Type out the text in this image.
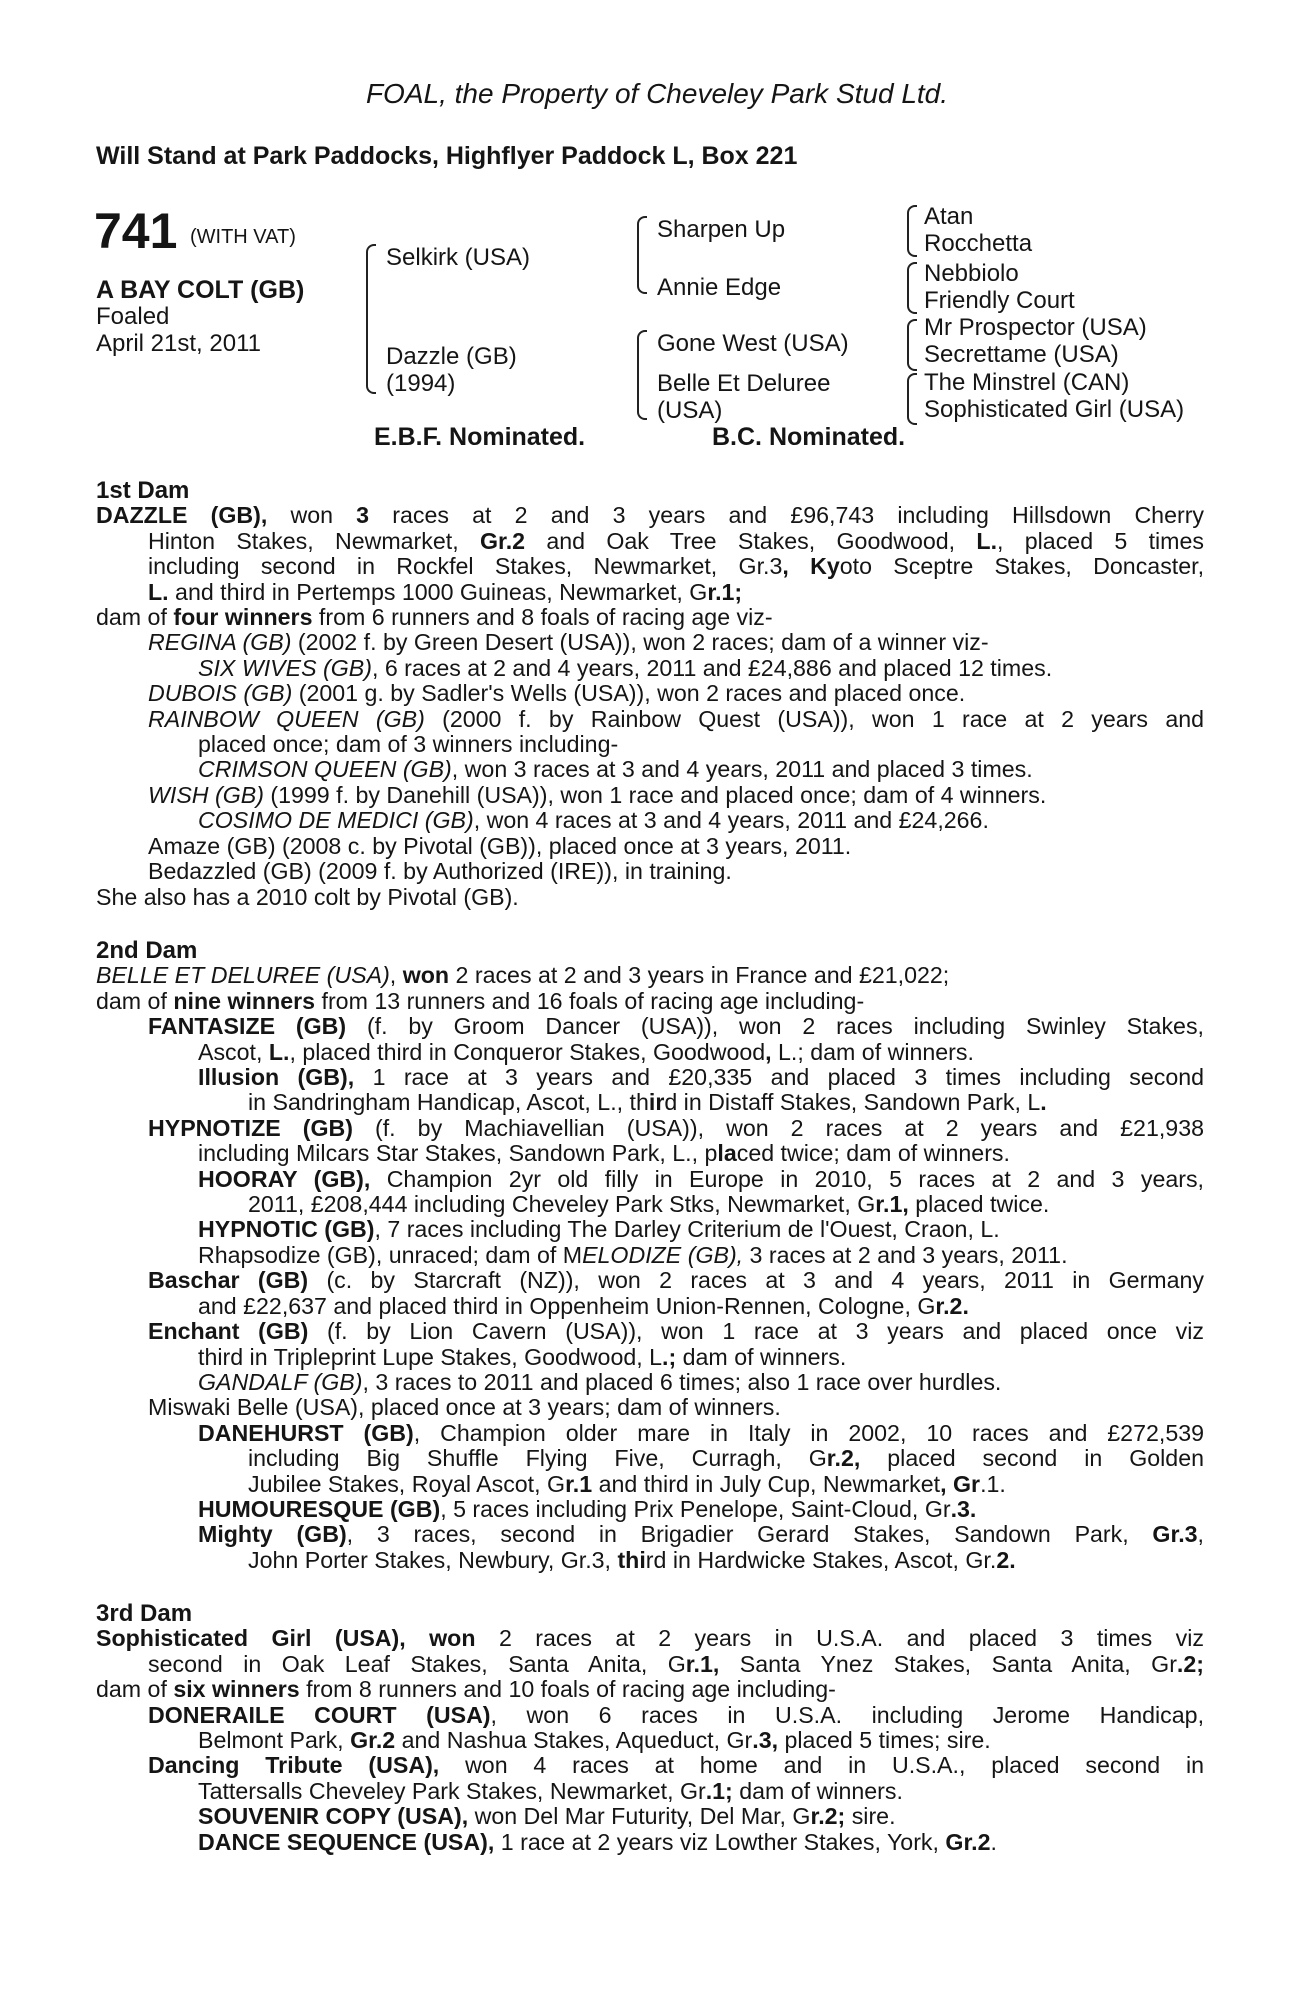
FOAL, the Property of Cheveley Park Stud Ltd.
Will Stand at Park Paddocks, Highflyer Paddock L, Box 221
741 (WITH VAT)
A BAY COLT (GB)
Foaled
April 21st, 2011
Selkirk (USA)
Dazzle (GB)
(1994)
Sharpen Up
Annie Edge
Gone West (USA)
Belle Et Deluree
(USA)
Atan
Rocchetta
Nebbiolo
Friendly Court
Mr Prospector (USA)
Secrettame (USA)
The Minstrel (CAN)
Sophisticated Girl (USA)
E.B.F. Nominated.	B.C. Nominated.
1st Dam
DAZZLE (GB), won 3 races at 2 and 3 years and £96,743 including Hillsdown Cherry
Hinton Stakes, Newmarket, Gr.2 and Oak Tree Stakes, Goodwood, L., placed 5 times
including second in Rockfel Stakes, Newmarket, Gr.3, Kyoto Sceptre Stakes, Doncaster,
L. and third in Pertemps 1000 Guineas, Newmarket, Gr.1;
dam of four winners from 6 runners and 8 foals of racing age viz-
REGINA (GB) (2002 f. by Green Desert (USA)), won 2 races; dam of a winner viz-
SIX WIVES (GB), 6 races at 2 and 4 years, 2011 and £24,886 and placed 12 times.
DUBOIS (GB) (2001 g. by Sadler's Wells (USA)), won 2 races and placed once.
RAINBOW QUEEN (GB) (2000 f. by Rainbow Quest (USA)), won 1 race at 2 years and
placed once; dam of 3 winners including-
CRIMSON QUEEN (GB), won 3 races at 3 and 4 years, 2011 and placed 3 times.
WISH (GB) (1999 f. by Danehill (USA)), won 1 race and placed once; dam of 4 winners.
COSIMO DE MEDICI (GB), won 4 races at 3 and 4 years, 2011 and £24,266.
Amaze (GB) (2008 c. by Pivotal (GB)), placed once at 3 years, 2011.
Bedazzled (GB) (2009 f. by Authorized (IRE)), in training.
She also has a 2010 colt by Pivotal (GB).
2nd Dam
BELLE ET DELUREE (USA), won 2 races at 2 and 3 years in France and £21,022;
dam of nine winners from 13 runners and 16 foals of racing age including-
FANTASIZE (GB) (f. by Groom Dancer (USA)), won 2 races including Swinley Stakes,
Ascot, L., placed third in Conqueror Stakes, Goodwood, L.; dam of winners.
Illusion (GB), 1 race at 3 years and £20,335 and placed 3 times including second
in Sandringham Handicap, Ascot, L., third in Distaff Stakes, Sandown Park, L.
HYPNOTIZE (GB) (f. by Machiavellian (USA)), won 2 races at 2 years and £21,938
including Milcars Star Stakes, Sandown Park, L., placed twice; dam of winners.
HOORAY (GB), Champion 2yr old filly in Europe in 2010, 5 races at 2 and 3 years,
2011, £208,444 including Cheveley Park Stks, Newmarket, Gr.1, placed twice.
HYPNOTIC (GB), 7 races including The Darley Criterium de l'Ouest, Craon, L.
Rhapsodize (GB), unraced; dam of MELODIZE (GB), 3 races at 2 and 3 years, 2011.
Baschar (GB) (c. by Starcraft (NZ)), won 2 races at 3 and 4 years, 2011 in Germany
and £22,637 and placed third in Oppenheim Union-Rennen, Cologne, Gr.2.
Enchant (GB) (f. by Lion Cavern (USA)), won 1 race at 3 years and placed once viz
third in Tripleprint Lupe Stakes, Goodwood, L.; dam of winners.
GANDALF (GB), 3 races to 2011 and placed 6 times; also 1 race over hurdles.
Miswaki Belle (USA), placed once at 3 years; dam of winners.
DANEHURST (GB), Champion older mare in Italy in 2002, 10 races and £272,539
including Big Shuffle Flying Five, Curragh, Gr.2, placed second in Golden
Jubilee Stakes, Royal Ascot, Gr.1 and third in July Cup, Newmarket, Gr.1.
HUMOURESQUE (GB), 5 races including Prix Penelope, Saint-Cloud, Gr.3.
Mighty (GB), 3 races, second in Brigadier Gerard Stakes, Sandown Park, Gr.3,
John Porter Stakes, Newbury, Gr.3, third in Hardwicke Stakes, Ascot, Gr.2.
3rd Dam
Sophisticated Girl (USA), won 2 races at 2 years in U.S.A. and placed 3 times viz
second in Oak Leaf Stakes, Santa Anita, Gr.1, Santa Ynez Stakes, Santa Anita, Gr.2;
dam of six winners from 8 runners and 10 foals of racing age including-
DONERAILE COURT (USA), won 6 races in U.S.A. including Jerome Handicap,
Belmont Park, Gr.2 and Nashua Stakes, Aqueduct, Gr.3, placed 5 times; sire.
Dancing Tribute (USA), won 4 races at home and in U.S.A., placed second in
Tattersalls Cheveley Park Stakes, Newmarket, Gr.1; dam of winners.
SOUVENIR COPY (USA), won Del Mar Futurity, Del Mar, Gr.2; sire.
DANCE SEQUENCE (USA), 1 race at 2 years viz Lowther Stakes, York, Gr.2.
